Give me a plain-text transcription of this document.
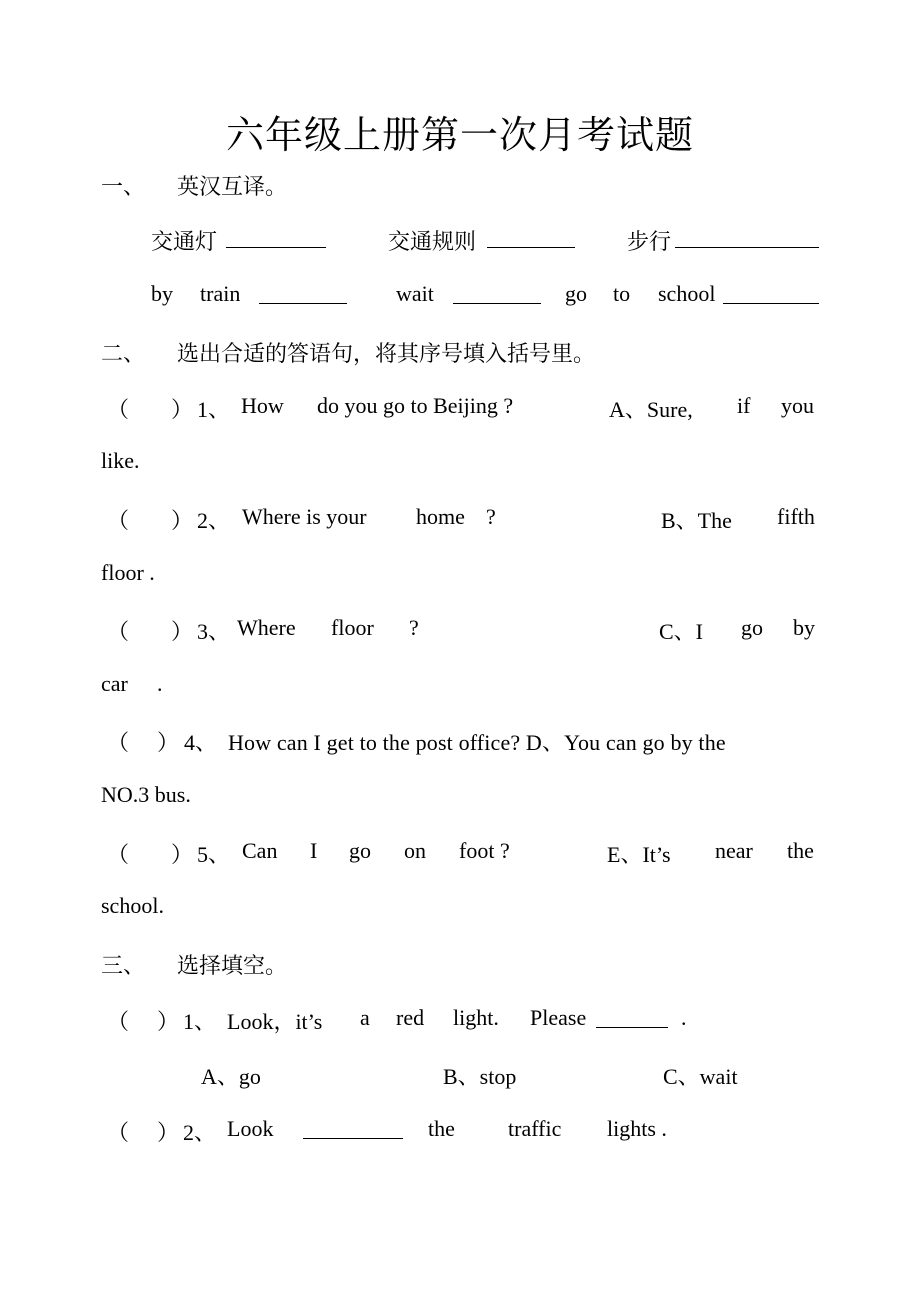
六年级上册第一次月考试题
一、 英汉互译。
交通灯	交通规则	步行
by train	wait	go to school
二、 选出合适的答语句，将其序号填入括号里。
（ ） 1、 How do you go to Beijing ?	A、Sure, if you
like.
（ ） 2、 Where is your home ?	B、The fifth
floor .
（ ） 3、 Where floor ?	C、I go by
car .
（ ） 4、 How can I get to the post office? D、You can go by the
NO.3 bus.
（ ） 5、 Can I go on foot ?	E、It’s near the
school.
三、 选择填空。
（ ） 1、 Look，it’s a red light. Please	.
A、go	B、stop	C、wait
（ ） 2、 Look	the traffic lights .
